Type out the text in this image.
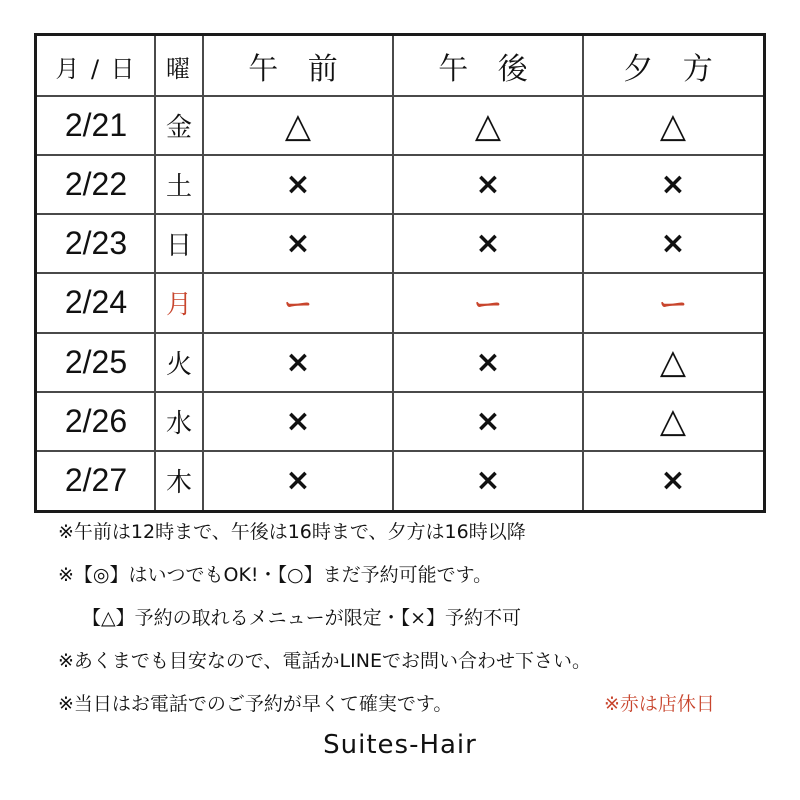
月 / 日	曜	午 前	午 後	夕 方
2/21	金	△	△	△
2/22	土	×	×	×
2/23	日	×	×	×
2/24	月	ー	ー	ー
2/25	火	×	×	△
2/26	水	×	×	△
2/27	木	×	×	×
※午前は12時まで、午後は16時まで、夕方は16時以降
※【◎】はいつでもOK!・【○】まだ予約可能です。
【△】予約の取れるメニューが限定・【×】予約不可
※あくまでも目安なので、電話かLINEでお問い合わせ下さい。
※当日はお電話でのご予約が早くて確実です。	※赤は店休日
Suites-Hair
